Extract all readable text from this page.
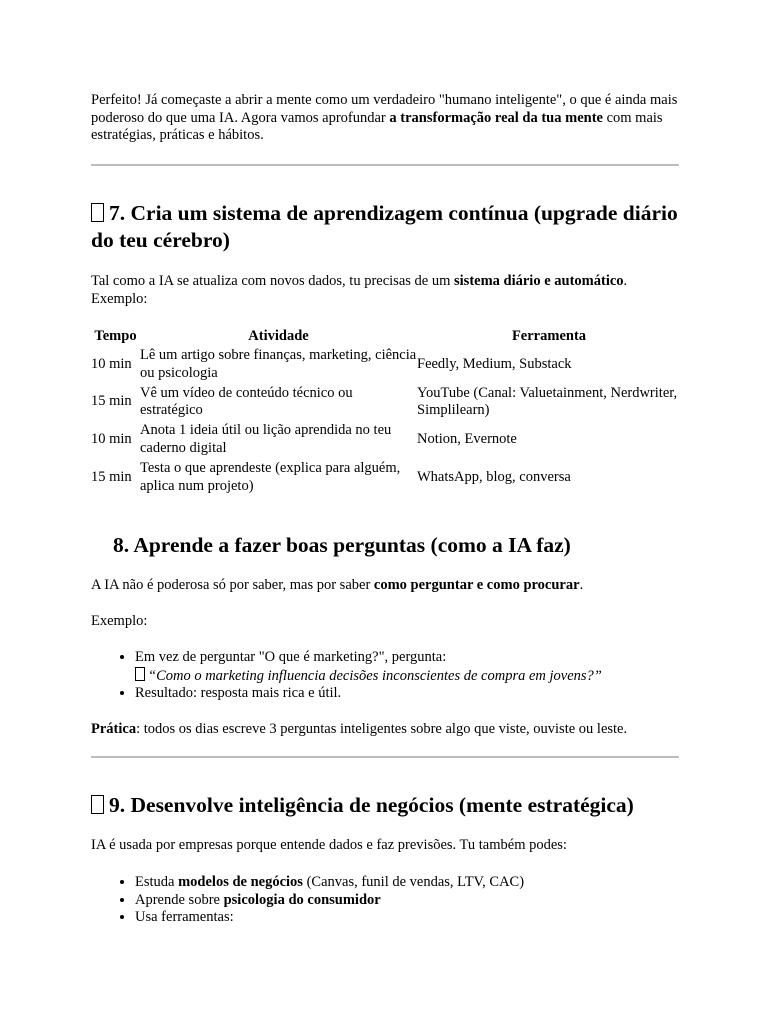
Perfeito! Já começaste a abrir a mente como um verdadeiro "humano inteligente", o que é ainda mais poderoso do que uma IA. Agora vamos aprofundar a transformação real da tua mente com mais estratégias, práticas e hábitos.

7. Cria um sistema de aprendizagem contínua (upgrade diário do teu cérebro)

Tal como a IA se atualiza com novos dados, tu precisas de um sistema diário e automático. Exemplo:

Tempo	Atividade	Ferramenta
10 min	Lê um artigo sobre finanças, marketing, ciência ou psicologia	Feedly, Medium, Substack
15 min	Vê um vídeo de conteúdo técnico ou estratégico	YouTube (Canal: Valuetainment, Nerdwriter, Simplilearn)
10 min	Anota 1 ideia útil ou lição aprendida no teu caderno digital	Notion, Evernote
15 min	Testa o que aprendeste (explica para alguém, aplica num projeto)	WhatsApp, blog, conversa
8. Aprende a fazer boas perguntas (como a IA faz)

A IA não é poderosa só por saber, mas por saber como perguntar e como procurar.

Exemplo:

• Em vez de perguntar "O que é marketing?", pergunta:
“Como o marketing influencia decisões inconscientes de compra em jovens?”
• Resultado: resposta mais rica e útil.

Prática: todos os dias escreve 3 perguntas inteligentes sobre algo que viste, ouviste ou leste.

9. Desenvolve inteligência de negócios (mente estratégica)

IA é usada por empresas porque entende dados e faz previsões. Tu também podes:

• Estuda modelos de negócios (Canvas, funil de vendas, LTV, CAC)
• Aprende sobre psicologia do consumidor
• Usa ferramentas:
